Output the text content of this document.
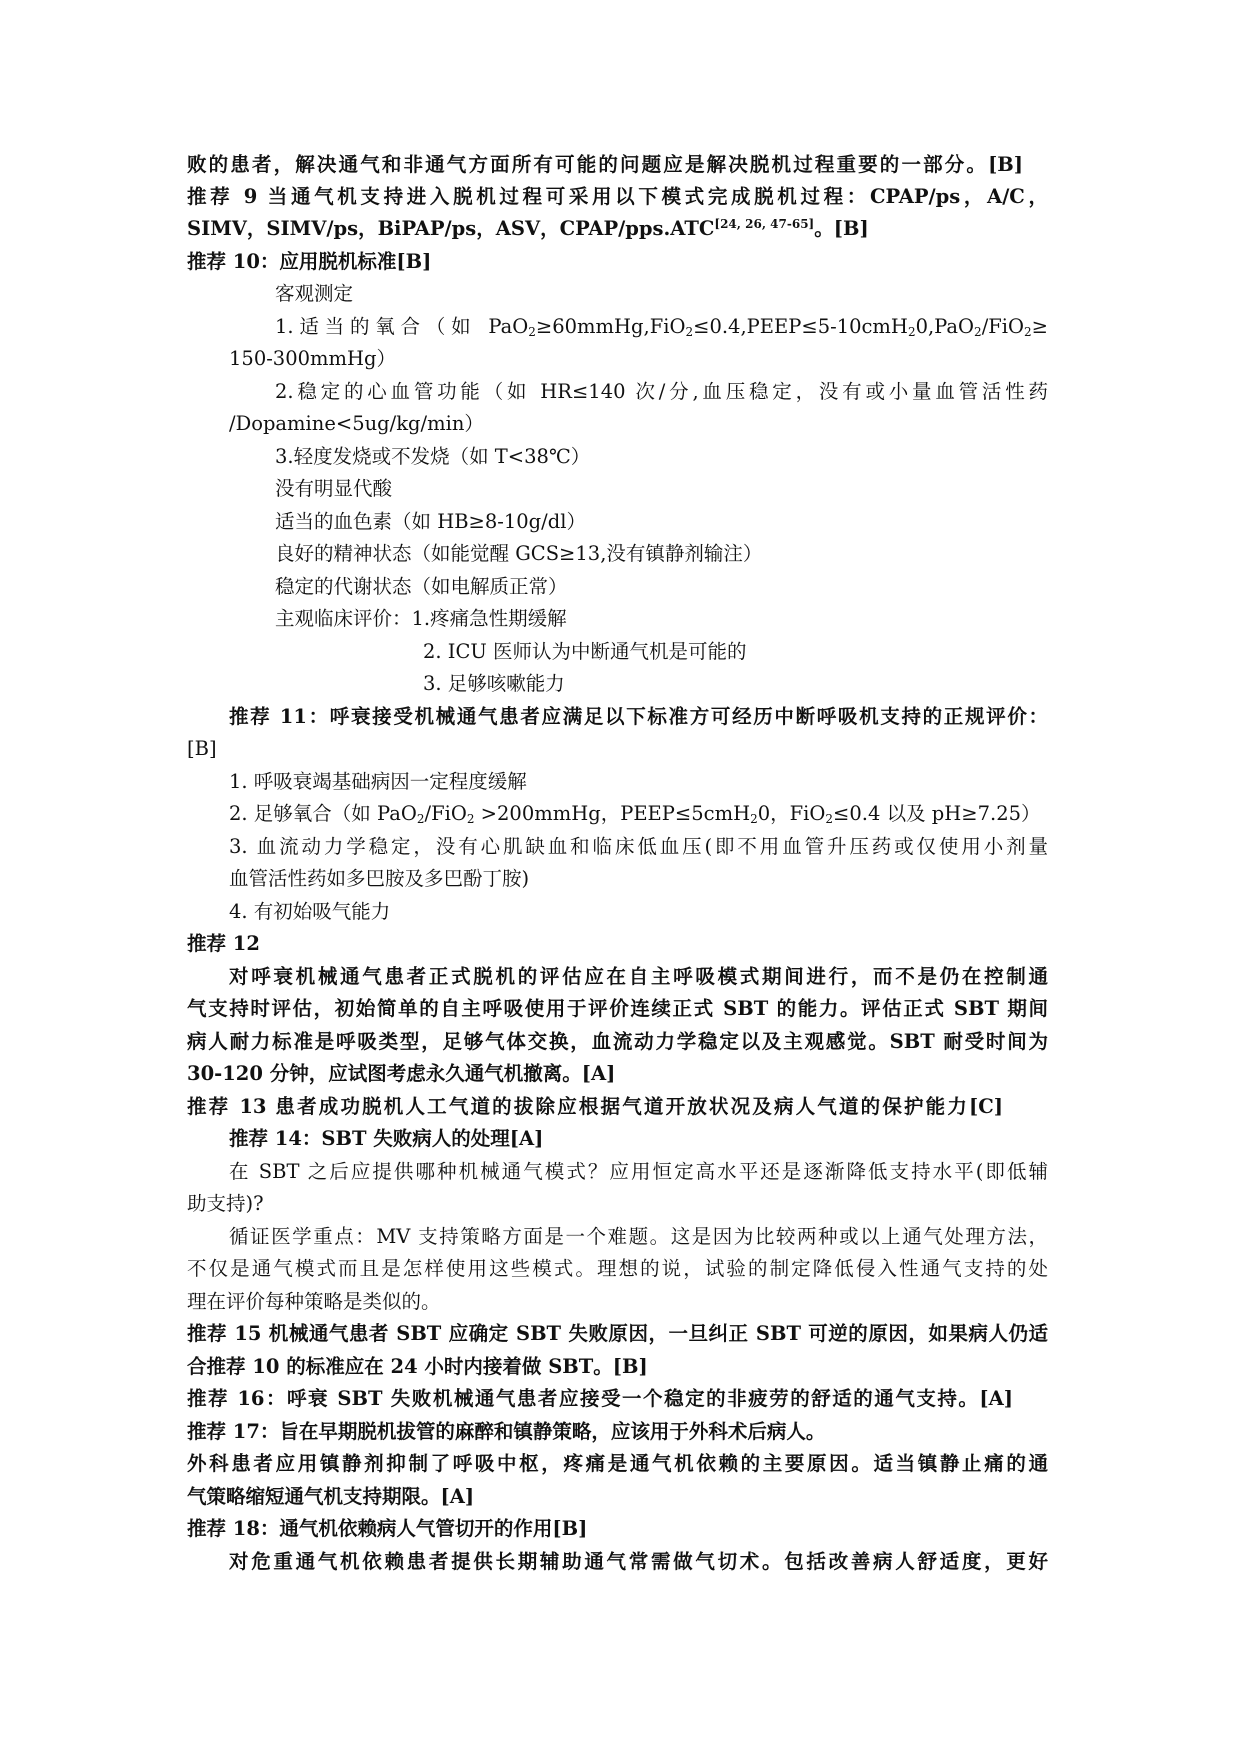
败的患者，解决通气和非通气方面所有可能的问题应是解决脱机过程重要的一部分。[B]
推荐 9 当通气机支持进入脱机过程可采用以下模式完成脱机过程：CPAP/ps，A/C，
SIMV，SIMV/ps，BiPAP/ps，ASV，CPAP/pps.ATC[24, 26, 47-65]。[B]
推荐 10：应用脱机标准[B]
客观测定
1.适当的氧合（如 PaO$_2$≥60mmHg,FiO$_2$≤0.4,PEEP≤5-10cmH$_2$0,PaO$_2$/FiO$_2$≥
150-300mmHg）
2.稳定的心血管功能（如 HR≤140 次/分,血压稳定，没有或小量血管活性药
/Dopamine<5ug/kg/min）
3.轻度发烧或不发烧（如 T<38℃）
没有明显代酸
适当的血色素（如 HB≥8-10g/dl）
良好的精神状态（如能觉醒 GCS≥13,没有镇静剂输注）
稳定的代谢状态（如电解质正常）
主观临床评价：1.疼痛急性期缓解
2. ICU 医师认为中断通气机是可能的
3. 足够咳嗽能力
推荐 11：呼衰接受机械通气患者应满足以下标准方可经历中断呼吸机支持的正规评价：
[B]
1. 呼吸衰竭基础病因一定程度缓解
2. 足够氧合（如 PaO$_2$/FiO$_2$ >200mmHg，PEEP≤5cmH$_2$0，FiO$_2$≤0.4 以及 pH≥7.25）
3. 血流动力学稳定，没有心肌缺血和临床低血压(即不用血管升压药或仅使用小剂量
血管活性药如多巴胺及多巴酚丁胺)
4. 有初始吸气能力
推荐 12
对呼衰机械通气患者正式脱机的评估应在自主呼吸模式期间进行，而不是仍在控制通
气支持时评估，初始简单的自主呼吸使用于评价连续正式 SBT 的能力。评估正式 SBT 期间
病人耐力标准是呼吸类型，足够气体交换，血流动力学稳定以及主观感觉。SBT 耐受时间为
30-120 分钟，应试图考虑永久通气机撤离。[A]
推荐 13 患者成功脱机人工气道的拔除应根据气道开放状况及病人气道的保护能力[C]
推荐 14：SBT 失败病人的处理[A]
在 SBT 之后应提供哪种机械通气模式？应用恒定高水平还是逐渐降低支持水平(即低辅
助支持)?
循证医学重点：MV 支持策略方面是一个难题。这是因为比较两种或以上通气处理方法，
不仅是通气模式而且是怎样使用这些模式。理想的说，试验的制定降低侵入性通气支持的处
理在评价每种策略是类似的。
推荐 15 机械通气患者 SBT 应确定 SBT 失败原因，一旦纠正 SBT 可逆的原因，如果病人仍适
合推荐 10 的标准应在 24 小时内接着做 SBT。[B]
推荐 16：呼衰 SBT 失败机械通气患者应接受一个稳定的非疲劳的舒适的通气支持。[A]
推荐 17：旨在早期脱机拔管的麻醉和镇静策略，应该用于外科术后病人。
外科患者应用镇静剂抑制了呼吸中枢，疼痛是通气机依赖的主要原因。适当镇静止痛的通
气策略缩短通气机支持期限。[A]
推荐 18：通气机依赖病人气管切开的作用[B]
对危重通气机依赖患者提供长期辅助通气常需做气切术。包括改善病人舒适度，更好
